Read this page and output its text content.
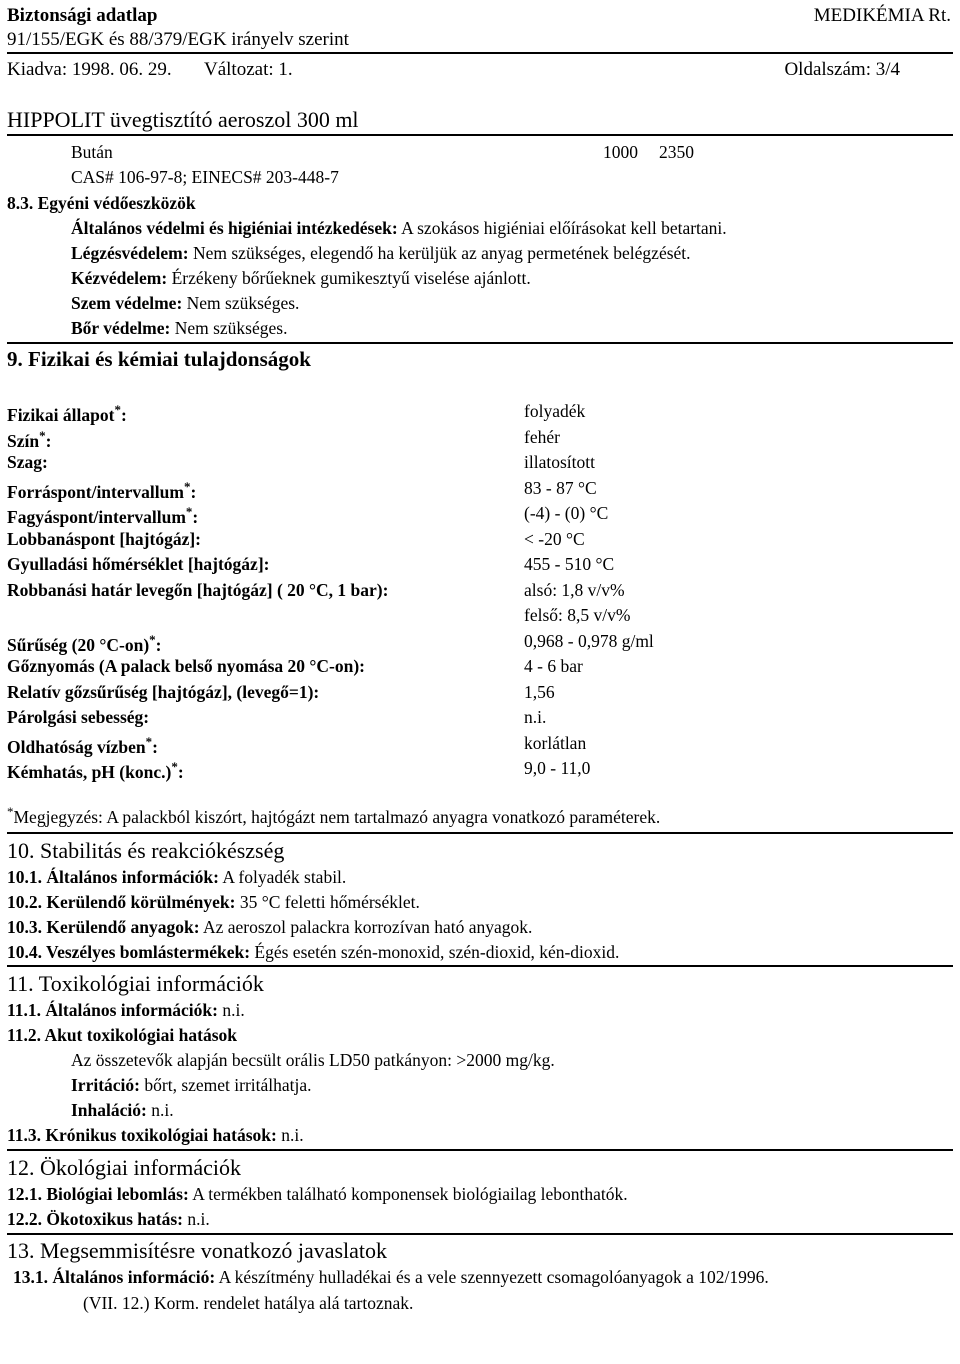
Biztonsági adatlap	MEDIKÉMIA Rt.
91/155/EGK és 88/379/EGK irányelv szerint
Kiadva: 1998. 06. 29. Változat: 1.	Oldalszám: 3/4
HIPPOLIT üvegtisztító aeroszol 300 ml
Bután	1000 2350
CAS# 106-97-8; EINECS# 203-448-7
8.3. Egyéni védőeszközök
Általános védelmi és higiéniai intézkedések: A szokásos higiéniai előírásokat kell betartani.
Légzésvédelem: Nem szükséges, elegendő ha kerüljük az anyag permetének belégzését.
Kézvédelem: Érzékeny bőrűeknek gumikesztyű viselése ajánlott.
Szem védelme: Nem szükséges.
Bőr védelme: Nem szükséges.
9. Fizikai és kémiai tulajdonságok
Fizikai állapot*:	folyadék
Szín*:	fehér
Szag:	illatosított
Forráspont/intervallum*:	83 - 87 °C
Fagyáspont/intervallum*:	(-4) - (0) °C
Lobbanáspont [hajtógáz]:	< -20 °C
Gyulladási hőmérséklet [hajtógáz]:	455 - 510 °C
Robbanási határ levegőn [hajtógáz] ( 20 °C, 1 bar):	alsó: 1,8 v/v%
felső: 8,5 v/v%
Sűrűség (20 °C-on)*:	0,968 - 0,978 g/ml
Gőznyomás (A palack belső nyomása 20 °C-on):	4 - 6 bar
Relatív gőzsűrűség [hajtógáz], (levegő=1):	1,56
Párolgási sebesség:	n.i.
Oldhatóság vízben*:	korlátlan
Kémhatás, pH (konc.)*:	9,0 - 11,0
*Megjegyzés: A palackból kiszórt, hajtógázt nem tartalmazó anyagra vonatkozó paraméterek.
10. Stabilitás és reakciókészség
10.1. Általános információk: A folyadék stabil.
10.2. Kerülendő körülmények: 35 °C feletti hőmérséklet.
10.3. Kerülendő anyagok: Az aeroszol palackra korrozívan ható anyagok.
10.4. Veszélyes bomlástermékek: Égés esetén szén-monoxid, szén-dioxid, kén-dioxid.
11. Toxikológiai információk
11.1. Általános információk: n.i.
11.2. Akut toxikológiai hatások
Az összetevők alapján becsült orális LD50 patkányon: >2000 mg/kg.
Irritáció: bőrt, szemet irritálhatja.
Inhaláció: n.i.
11.3. Krónikus toxikológiai hatások: n.i.
12. Ökológiai információk
12.1. Biológiai lebomlás: A termékben található komponensek biológiailag lebonthatók.
12.2. Ökotoxikus hatás: n.i.
13. Megsemmisítésre vonatkozó javaslatok
13.1. Általános információ: A készítmény hulladékai és a vele szennyezett csomagolóanyagok a 102/1996.
(VII. 12.) Korm. rendelet hatálya alá tartoznak.
